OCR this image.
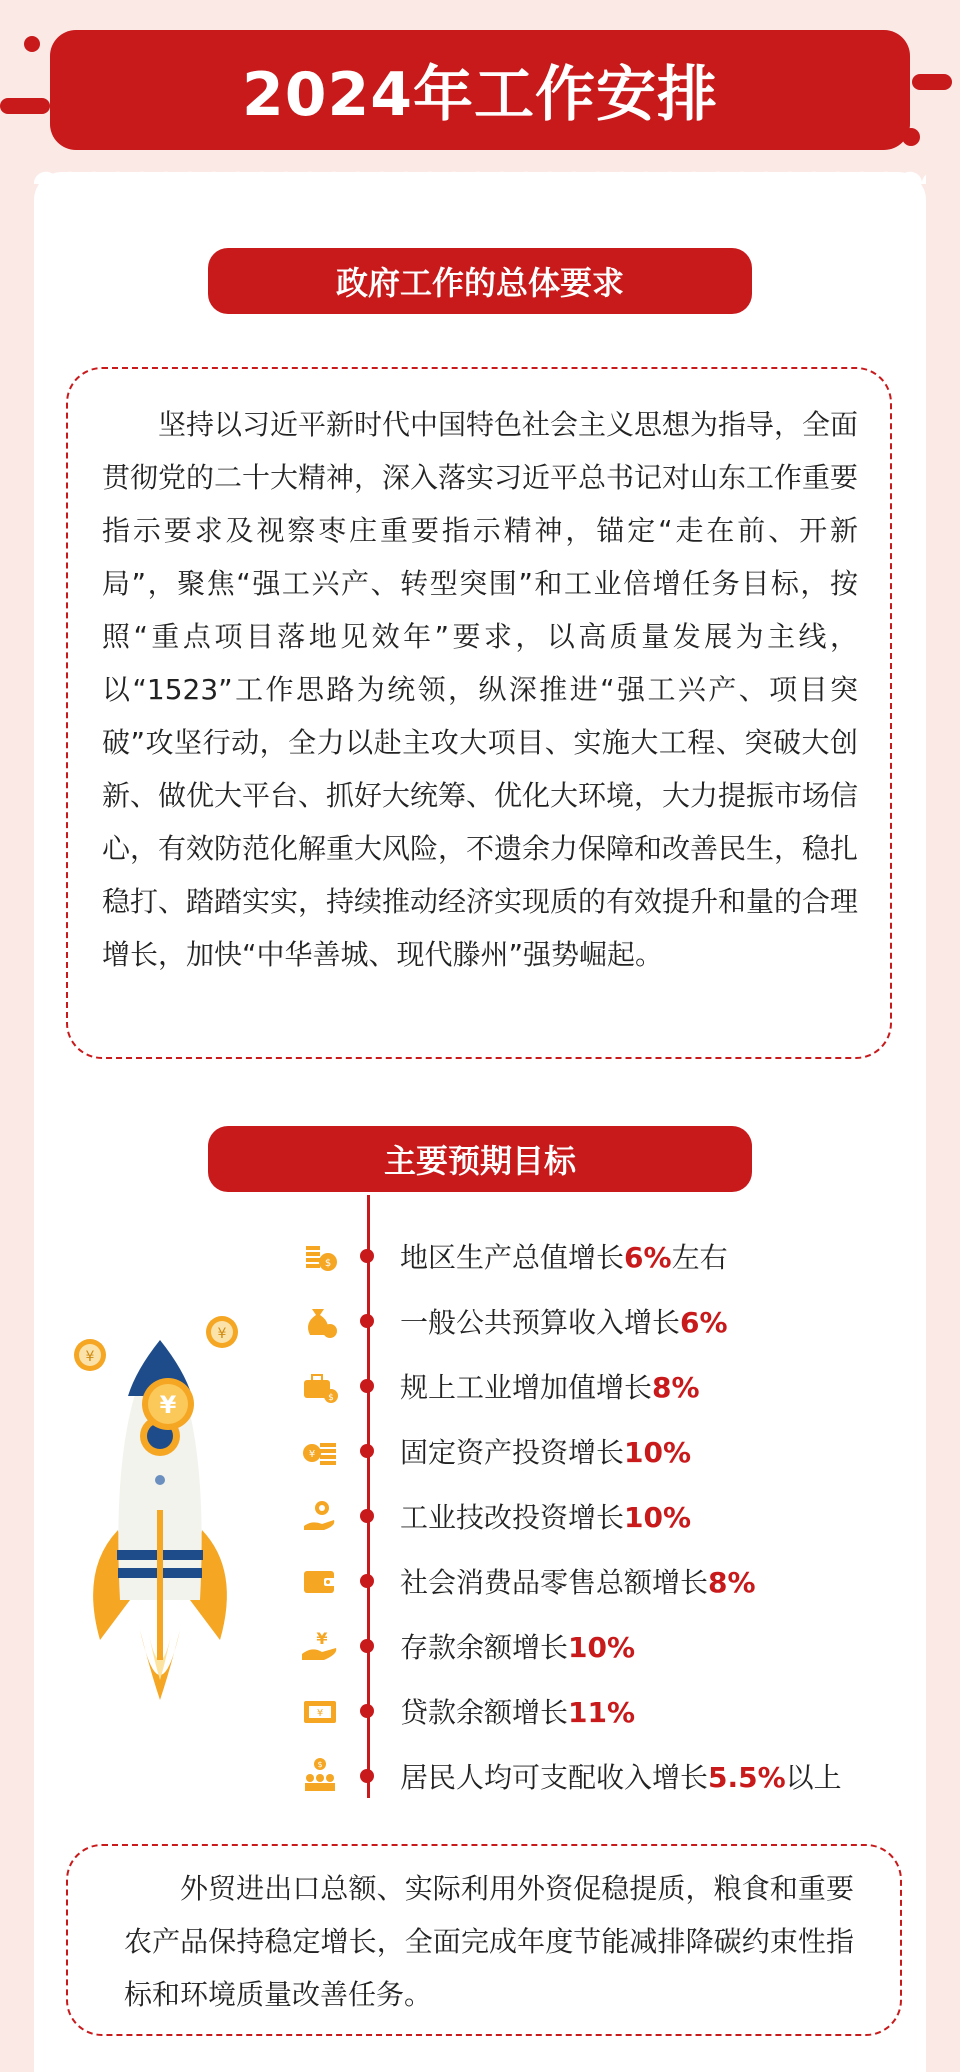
2024年工作安排
政府工作的总体要求

坚持以习近平新时代中国特色社会主义思想为指导，全面贯彻党的二十大精神，深入落实习近平总书记对山东工作重要指示要求及视察枣庄重要指示精神，锚定“走在前、开新局”，聚焦“强工兴产、转型突围”和工业倍增任务目标，按照“重点项目落地见效年”要求，以高质量发展为主线，以“1523”工作思路为统领，纵深推进“强工兴产、项目突破”攻坚行动，全力以赴主攻大项目、实施大工程、突破大创新、做优大平台、抓好大统筹、优化大环境，大力提振市场信心，有效防范化解重大风险，不遗余力保障和改善民生，稳扎稳打、踏踏实实，持续推动经济实现质的有效提升和量的合理增长，加快“中华善城、现代滕州”强势崛起。

主要预期目标
$ 地区生产总值增长6%左右
一般公共预算收入增长6%
$ 规上工业增加值增长8%
¥	固定资产投资增长10%
工业技改投资增长10%
社会消费品零售总额增长8%
¥	存款余额增长10%
¥	贷款余额增长11%
$	居民人均可支配收入增长5.5%以上
¥
¥
¥

外贸进出口总额、实际利用外资促稳提质，粮食和重要农产品保持稳定增长，全面完成年度节能减排降碳约束性指标和环境质量改善任务。
